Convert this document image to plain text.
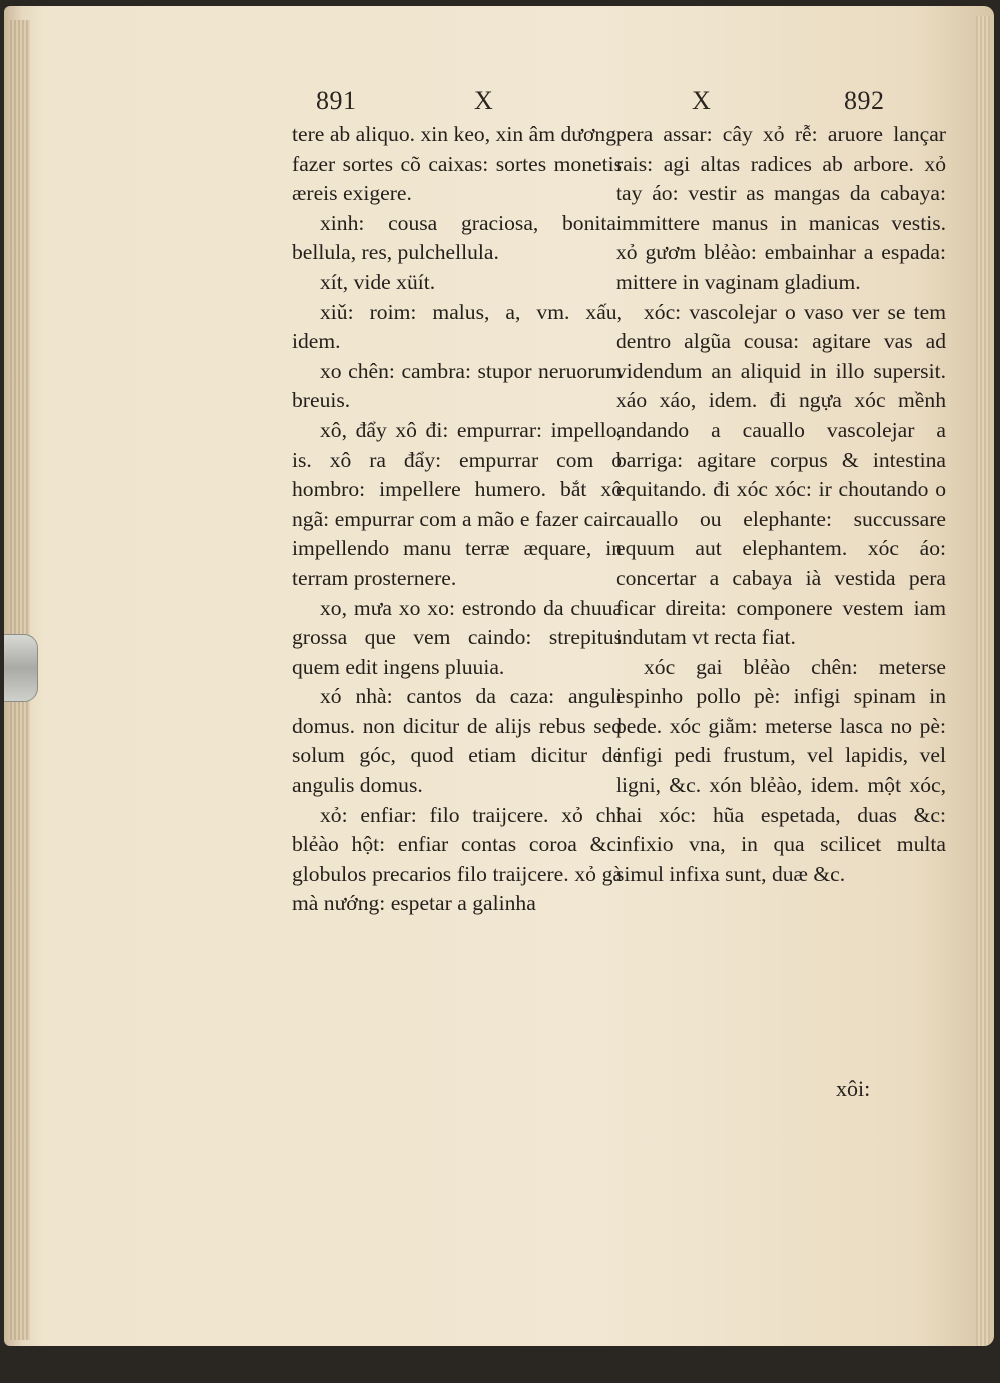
891	X	X	892

tere ab aliquo. xin keo, xin âm dương: fazer sortes cõ caixas: sortes monetis æreis exigere.

xinh: cousa graciosa, bonita: bellula, res, pulchellula.

xít, vide xüít.

xiǔ: roim: malus, a, vm. xấu, idem.

xo chên: cambra: stupor neruorum breuis.

xô, đẩy xô đi: empurrar: impello, is. xô ra đẩy: empurrar com o hombro: impellere humero. bắt xô ngã: empurrar com a mão e fazer cair: impellendo manu terræ æquare, in terram prosternere.

xo, mưa xo xo: estrondo da chuua grossa que vem caindo: strepitus quem edit ingens pluuia.

xó nhà: cantos da caza: anguli domus. non dicitur de alijs rebus sed solum góc, quod etiam dicitur de angulis domus.

xỏ: enfiar: filo traijcere. xỏ chỉ blẻào hột: enfiar contas coroa &c: globulos precarios filo traijcere. xỏ gà mà nướng: espetar a galinha

pera assar: cây xỏ rễ: aruore lançar rais: agi altas radices ab arbore. xỏ tay áo: vestir as mangas da cabaya: immittere manus in manicas vestis. xỏ gươm blẻào: embainhar a espada: mittere in vaginam gladium.

xóc: vascolejar o vaso ver se tem dentro algũa cousa: agitare vas ad videndum an aliquid in illo supersit. xáo xáo, idem. đi ngựa xóc mềnh andando a cauallo vascolejar a barriga: agitare corpus & intestina equitando. đi xóc xóc: ir choutando o cauallo ou elephante: succussare equum aut elephantem. xóc áo: concertar a cabaya ià vestida pera ficar direita: componere vestem iam indutam vt recta fiat.

xóc gai blẻào chên: meterse espinho pollo pè: infigi spinam in pede. xóc giằm: meterse lasca no pè: infigi pedi frustum, vel lapidis, vel ligni, &c. xón blẻào, idem. một xóc, hai xóc: hũa espetada, duas &c: infixio vna, in qua scilicet multa simul infixa sunt, duæ &c.

xôi:
